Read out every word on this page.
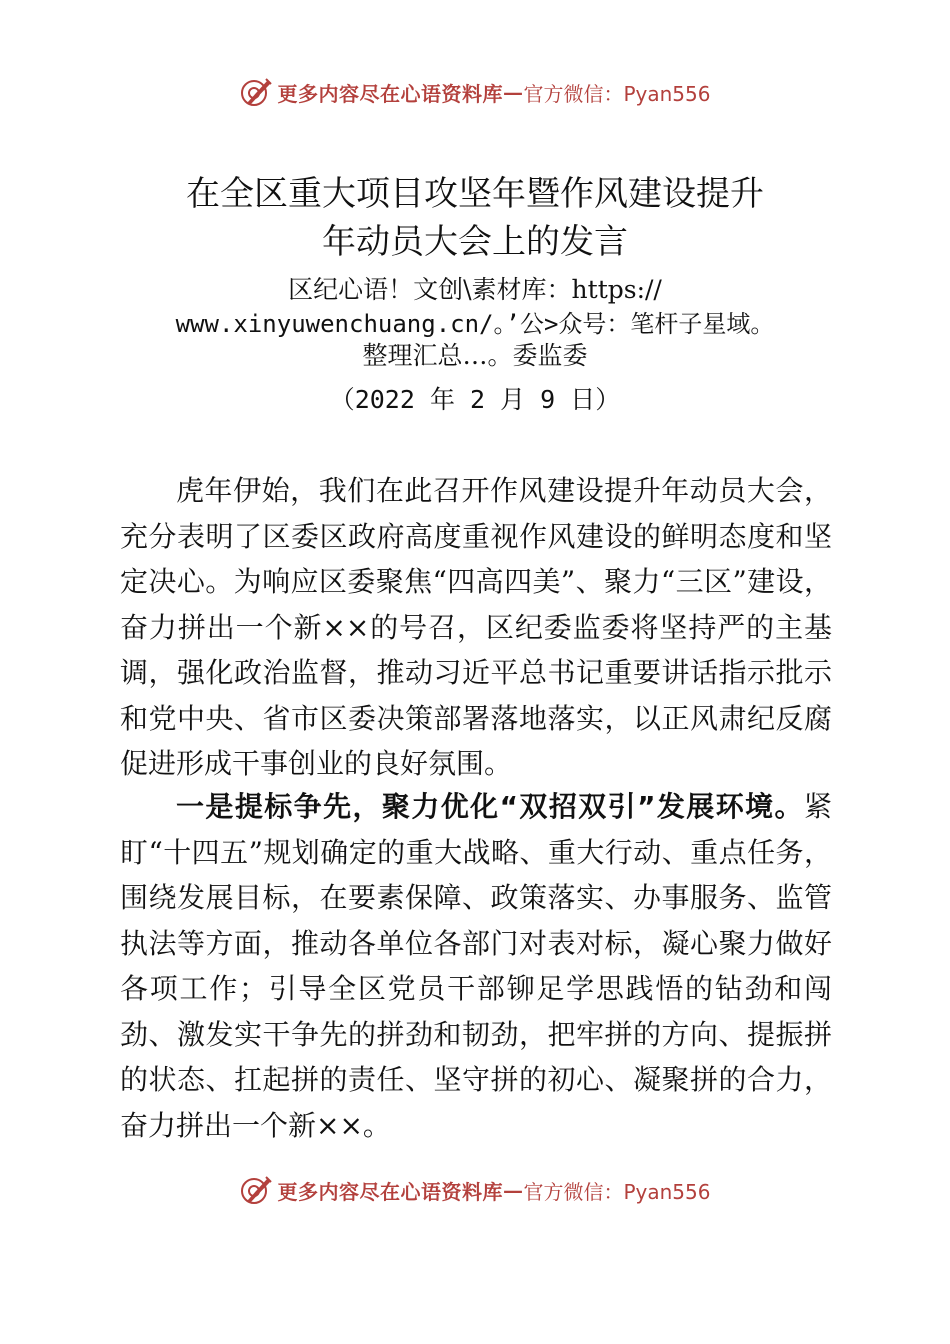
更多内容尽在心语资料库 — 官方微信：Pyan556
在全区重大项目攻坚年暨作风建设提升
年动员大会上的发言
区纪心语！文创\素材库：https://
www.xinyuwenchuang.cn/。’公>众号：笔杆子星域。
整理汇总…。委监委
（2022 年 2 月 9 日）

虎年伊始，我们在此召开作风建设提升年动员大会，充分表明了区委区政府高度重视作风建设的鲜明态度和坚定决心。为响应区委聚焦“四高四美”、聚力“三区”建设，奋力拼出一个新××的号召，区纪委监委将坚持严的主基调，强化政治监督，推动习近平总书记重要讲话指示批示和党中央、省市区委决策部署落地落实，以正风肃纪反腐促进形成干事创业的良好氛围。

一是提标争先，聚力优化“双招双引”发展环境。紧盯“十四五”规划确定的重大战略、重大行动、重点任务，围绕发展目标，在要素保障、政策落实、办事服务、监管执法等方面，推动各单位各部门对表对标，凝心聚力做好各项工作；引导全区党员干部铆足学思践悟的钻劲和闯劲、激发实干争先的拼劲和韧劲，把牢拼的方向、提振拼的状态、扛起拼的责任、坚守拼的初心、凝聚拼的合力，奋力拼出一个新××。

更多内容尽在心语资料库 — 官方微信：Pyan556
